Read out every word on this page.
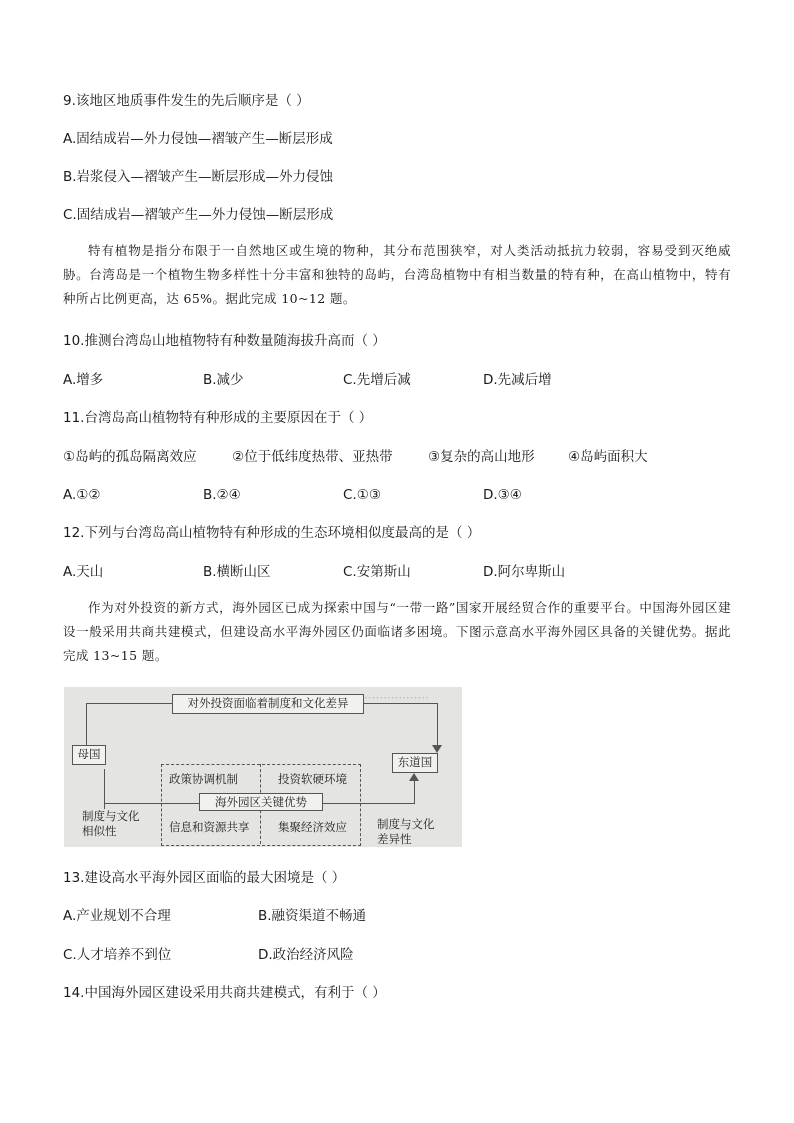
9.该地区地质事件发生的先后顺序是（ ）
A.固结成岩—外力侵蚀—褶皱产生—断层形成
B.岩浆侵入—褶皱产生—断层形成—外力侵蚀
C.固结成岩—褶皱产生—外力侵蚀—断层形成
特有植物是指分布限于一自然地区或生境的物种，其分布范围狭窄，对人类活动抵抗力较弱，容易受到灭绝威胁。台湾岛是一个植物生物多样性十分丰富和独特的岛屿，台湾岛植物中有相当数量的特有种，在高山植物中，特有种所占比例更高，达 65%。据此完成 10~12 题。
10.推测台湾岛山地植物特有种数量随海拔升高而（ ）
A.增多	B.减少	C.先增后减	D.先减后增
11.台湾岛高山植物特有种形成的主要原因在于（ ）
①岛屿的孤岛隔离效应	②位于低纬度热带、亚热带	③复杂的高山地形 ④岛屿面积大
A.①②	B.②④	C.①③	D.③④
12.下列与台湾岛高山植物特有种形成的生态环境相似度最高的是（ ）
A.天山	B.横断山区	C.安第斯山	D.阿尔卑斯山
作为对外投资的新方式，海外园区已成为探索中国与“一带一路”国家开展经贸合作的重要平台。中国海外园区建设一般采用共商共建模式，但建设高水平海外园区仍面临诸多困境。下图示意高水平海外园区具备的关键优势。据此完成 13~15 题。
·················
对外投资面临着制度和文化差异
母国
东道国
政策协调机制	投资软硬环境
海外园区关键优势
信息和资源共享 集聚经济效应
制度与文化
相似性	制度与文化
差异性
13.建设高水平海外园区面临的最大困境是（ ）
A.产业规划不合理	B.融资渠道不畅通
C.人才培养不到位	D.政治经济风险
14.中国海外园区建设采用共商共建模式，有利于（ ）
